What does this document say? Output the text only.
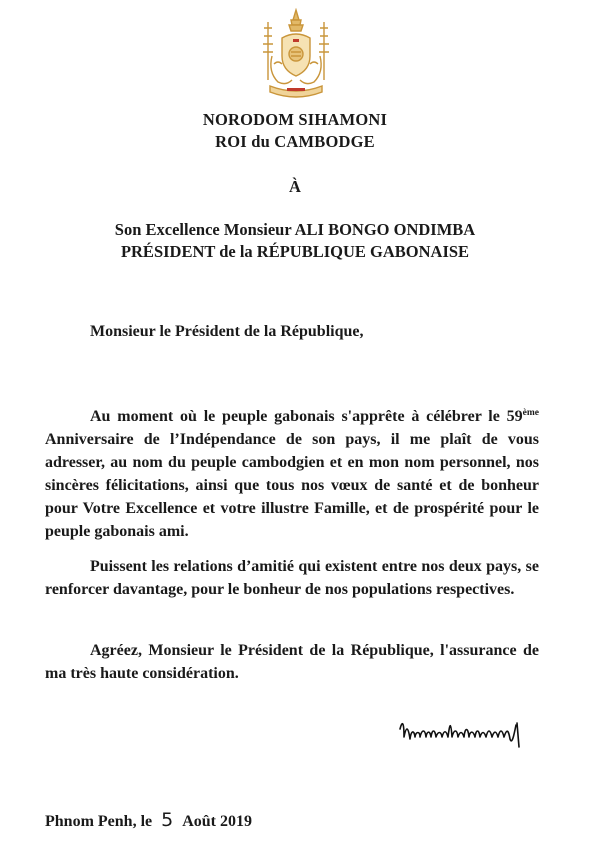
NORODOM SIHAMONI
ROI du CAMBODGE
À
Son Excellence Monsieur ALI BONGO ONDIMBA
PRÉSIDENT de la RÉPUBLIQUE GABONAISE
Monsieur le Président de la République,
Au moment où le peuple gabonais s'apprête à célébrer le 59ème Anniversaire de l’Indépendance de son pays, il me plaît de vous adresser, au nom du peuple cambodgien et en mon nom personnel, nos sincères félicitations, ainsi que tous nos vœux de santé et de bonheur pour Votre Excellence et votre illustre Famille, et de prospérité pour le peuple gabonais ami.
Puissent les relations d’amitié qui existent entre nos deux pays, se renforcer davantage, pour le bonheur de nos populations respectives.
Agréez, Monsieur le Président de la République, l'assurance de ma très haute considération.
Phnom Penh, le 5 Août 2019
